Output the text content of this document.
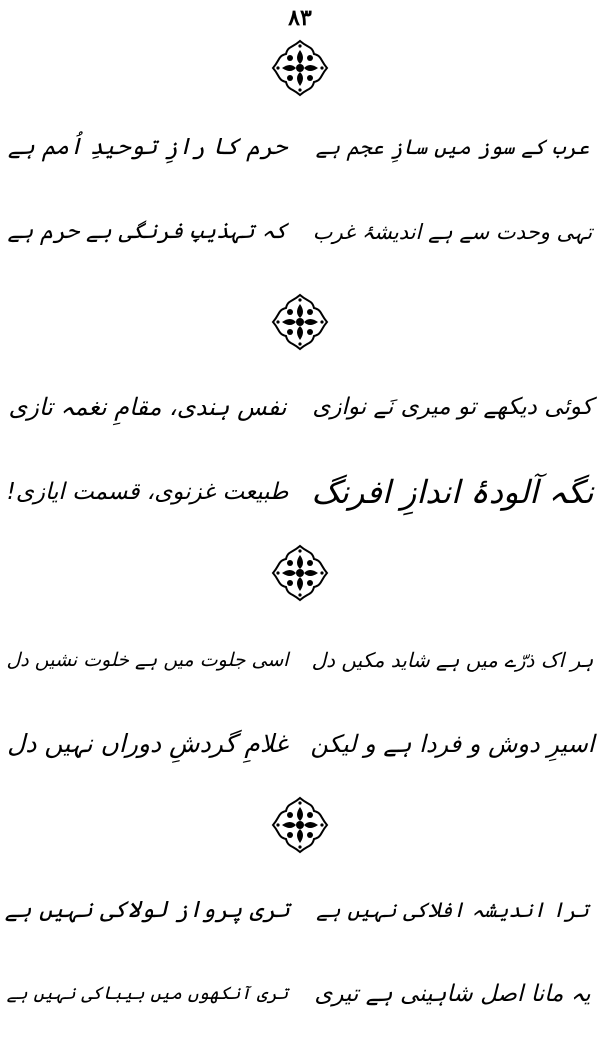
۸۳
عرب کے سوز میں سازِ عجم ہے
حرم کا رازِ توحیدِ اُمم ہے
تہی وحدت سے ہے اندیشۂ غرب
کہ تہذیبِ فرنگی بے حرم ہے
کوئی دیکھے تو میری نَے نوازی
نفس ہندی، مقامِ نغمہ تازی
نگہ آلودۂ اندازِ افرنگ
طبیعت غزنوی، قسمت ایازی!
ہر اک ذرّے میں ہے شاید مکیں دل
اسی جلوت میں ہے خلوت نشیں دل
اسیرِ دوش و فردا ہے و لیکن
غلامِ گردشِ دوراں نہیں دل
ترا اندیشہ افلاکی نہیں ہے
تری پرواز لولاکی نہیں ہے
یہ مانا اصل شاہینی ہے تیری
تری آنکھوں میں بیباکی نہیں ہے
